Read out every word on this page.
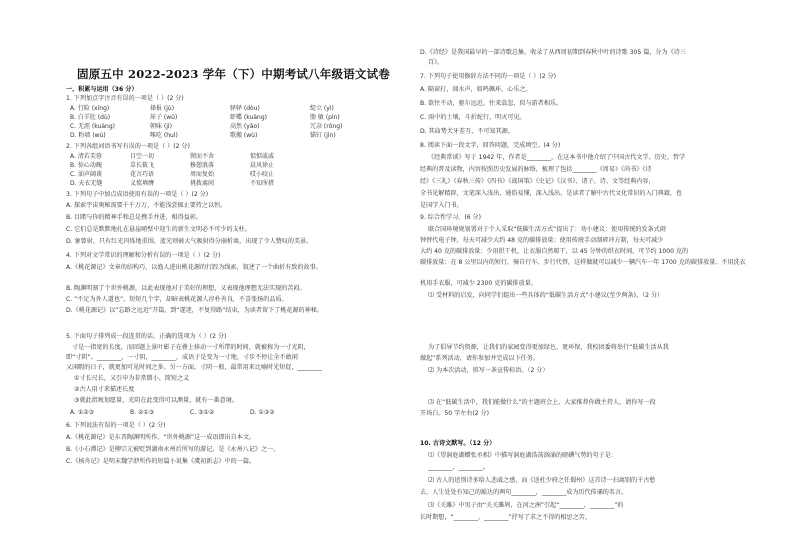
固原五中 2022-2023 学年（下）中期考试八年级语文试卷
一、积累与运用（36 分）
1. 下列加点字注音有误的一项是（ ）(2 分)
A. 行险 (xíng)	择报 (jù)	驿驿 (dòu)	绽立 (yì)
B. 白羊肚 (dù)	犀子 (wǔ)	虾蝶 (kuàng)	脂 敏 (pìn)
C. 无涯 (kuàng)	朝味 (jì)	高然 (yǎo)	冗杂 (rǒng)
D. 粉墙 (wù)	啄吃 (huì)	歌搬 (wù)	锚钉 (jìn)
2. 下列各组词语书写有误的一项是（ ）(2 分)
A. 清若芙蓉	目空一切	锲而不舍	惦惦戚戚
B. 惊心动魄	草长筱飞	修憩浪落	晨风徐止
C. 油声阔谈	花言巧语	周而复始	哎小咬止
D. 天衣无缝	义愤填膺	挑拨离间	不知所措
3. 下列句子中加点成语使用有误的一项是（ ）(2 分)
A. 探索宇宙奥秘需要千千万万，不能浅尝辄止要持之以恒。
B. 目睹与你的精神手和总是携手并进，相得益彰。
C. 它们总是默默地扎在悬崖峭壁中迎生的新生文明必不可少的支柱。
D. 象曾射，只有红光闪烁地重围，蓝光则被大气吸射得分崩析离，出现了令人赞叹的美景。
4. 下列对文学常识的理解和分析有误的一项是（ ）(2 分)
A.《桃花源记》文章的结构巧，以渔人进出桃花源的行踪为线索，叙述了一个曲折有致的故事。
B. 陶渊明刻了个世外桃源，以此表现他对于美好的理想，又表现他理想无法实现的苦闷。
C. “不足为外人道也”，短短几个字，却暗表桃花源人淳朴善良，不喜张扬的品质。
D.《桃花源记》以“忘路之远近”开篇，到“遂迷，不复得路”结束，为读者留下了桃花源的神秘。
5. 下面句子排列成一段连贯的话，正确的选项为（ ）(2 分)
寸是一指宽的长度，而回题上景叶影子在叠上移动一寸所带的时间，就被称为一寸光阴，
即“寸阴”。________，一寸阴，________，成语于是变为一寸地，寸步不停让全不敢闲
又闲暇的日子，就更加可见时间之多。另一方面，寸阴一般，最常用来比喻时光短促，________
①寸长尺长，又引申为非常微小、简短之义
②古人用寸来描述长度
③就此指规划愿量，光阴在此变得可以测量，就有一番意境。
A. ①②③	B. ②①③	C. ③①②	D. ①③②
6. 下列说法有误的一项是（ ）(2 分)
A.《桃花源记》是东晋陶渊明所作。“世外桃源”这一成语即出自本文。
B.《小石潭记》是柳宗元被贬到湖南永州后所写的游记，是《永州八记》之一。
C.《核舟记》是明末魏学洢所作的短篇小说集《虞初新志》中的一篇。
D.《诗经》是我国最早的一部诗歌总集，收录了从西周初期到春秋中叶的诗歌 305 篇，分为《诗三
百》。
7. 下列句子使用修辞方法不同的一项是（ ）(2 分)
A. 隔窗打，闻水声，如鸣佩环，心乐之。
B. 欲往不动，驱尔远近，往来翕忽，似与游者相乐。
C. 雨中的土壤，斗折蛇行，明灭可见。
D. 其庙势犬牙差互，不可知其源。
8. 阅读下面一段文字，回答问题，完成填空。(4 分)
《经典常谈》写于 1942 年，作者是________，在这本书中他介绍了中国古代文学、历史、哲学
经典的普及读物，内容按照历史发展的脉络，梳理了包括________《周易》《尚书》《诗
经》《三礼》《春秋三传》《四书》《战国策》《史记》《汉书》、诸子、诗、文等经典内容，
全书见解精辟，文笔深入浅出，通俗易懂，深入浅出，是读者了解中古代文化常识的入门典籍，也
是国学入门书。
9. 综合性学习。(6 分)
联合国环境规划署对于个人采取“低碳生活方式”提出了：劝小建议：使用传统的发条式闹
钟替代电子钟，每天可减少大约 48 克的碳排放量；使用传统手动制碎冲方制，每天可减少
大约 40 克的碳排放量；少用烘干机，让衣服自然晾干，以 45 分钟的烘衣时间，可节约 1000 克的
碳排放量；在 8 公里以内的短行，骑自行车、步行代替，这样做就可以减少一辆汽车一年 1700 克的碳排放量。不用洗衣
机用手衣服，可减少 2300 克的碳排放量。
⑴ 受材料的启发，向同学们提出一些具体的“低碳生活方式”小建议(至少两条)。（2 分）
为了倡导节约资源，让我们的家园变得更加绿色，更环保，我校团委将举行“低碳生活从我
做起”系列活动，请你参加并完成以下任务。
⑵ 为本次活动，拟写一条宣传标语。（2 分）
⑶ 在“低碳生活中，我们能做什么”的主题班会上，大家推荐你做主持人，请你写一段
开场白。50 字左右(2 分)
10. 古诗文默写。（12 分）
⑴《望洞庭湖赠张丞相》中描写洞庭湖浩荡汹涌的磅礴气势的句子是：
________，________。
⑵ 古人的送别诗多给人悲戚之感，而《送杜少府之任蜀州》这首诗一扫离别的千古愁
去，人生处处有知己的豁达的两句________，________成为历代传诵的名言。
⑶《关雎》中男子由“关关雎鸠，在河之洲”引起“________，________”的
长时期想，“________，________”抒写了求之不得的相思之苦。
